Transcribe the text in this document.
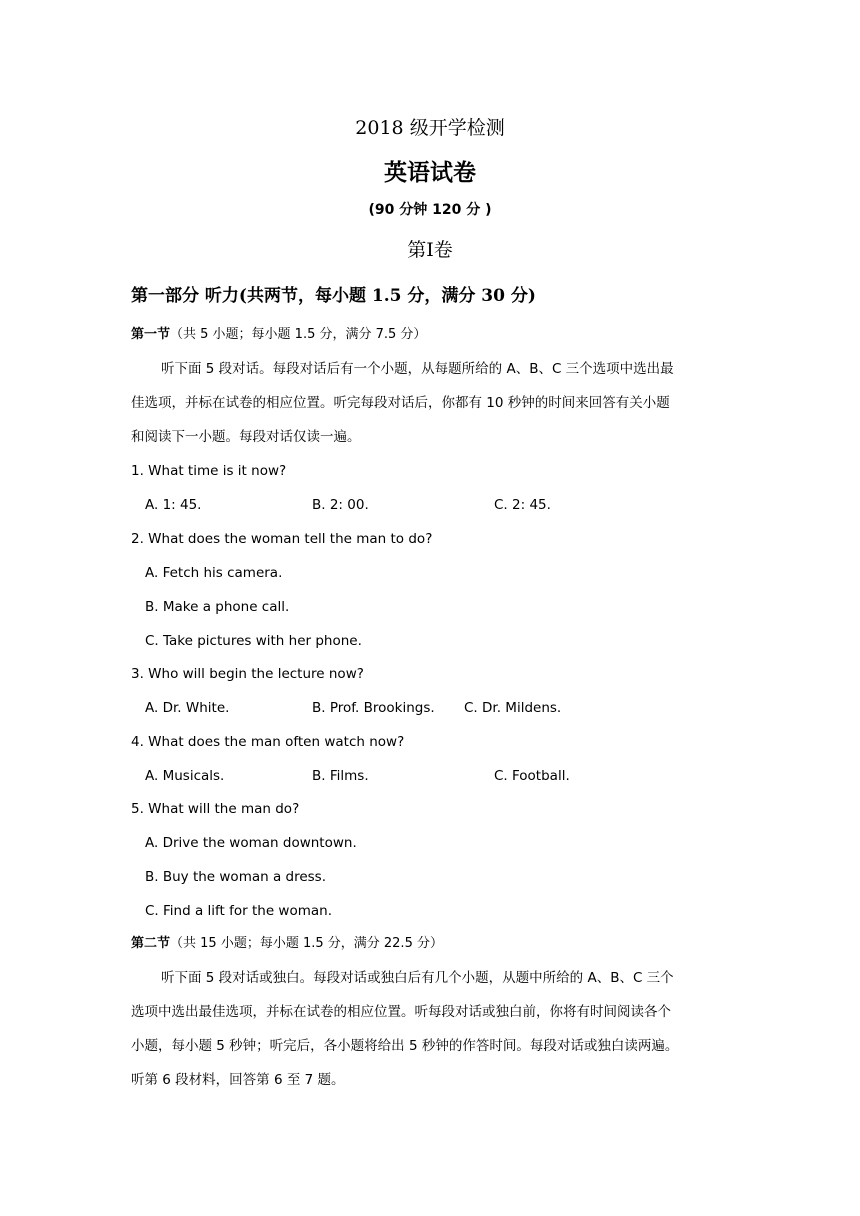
2018 级开学检测
英语试卷
(90 分钟 120 分 )
第Ⅰ卷
第一部分 听力(共两节，每小题 1.5 分，满分 30 分)
第一节（共 5 小题；每小题 1.5 分，满分 7.5 分）
听下面 5 段对话。每段对话后有一个小题，从每题所给的 A、B、C 三个选项中选出最
佳选项，并标在试卷的相应位置。听完每段对话后，你都有 10 秒钟的时间来回答有关小题
和阅读下一小题。每段对话仅读一遍。
1. What time is it now?
A. 1: 45.	B. 2: 00.	C. 2: 45.
2. What does the woman tell the man to do?
A. Fetch his camera.
B. Make a phone call.
C. Take pictures with her phone.
3. Who will begin the lecture now?
A. Dr. White.	B. Prof. Brookings. C. Dr. Mildens.
4. What does the man often watch now?
A. Musicals.	B. Films.	C. Football.
5. What will the man do?
A. Drive the woman downtown.
B. Buy the woman a dress.
C. Find a lift for the woman.
第二节（共 15 小题；每小题 1.5 分，满分 22.5 分）
听下面 5 段对话或独白。每段对话或独白后有几个小题，从题中所给的 A、B、C 三个
选项中选出最佳选项，并标在试卷的相应位置。听每段对话或独白前，你将有时间阅读各个
小题，每小题 5 秒钟；听完后，各小题将给出 5 秒钟的作答时间。每段对话或独白读两遍。
听第 6 段材料，回答第 6 至 7 题。
